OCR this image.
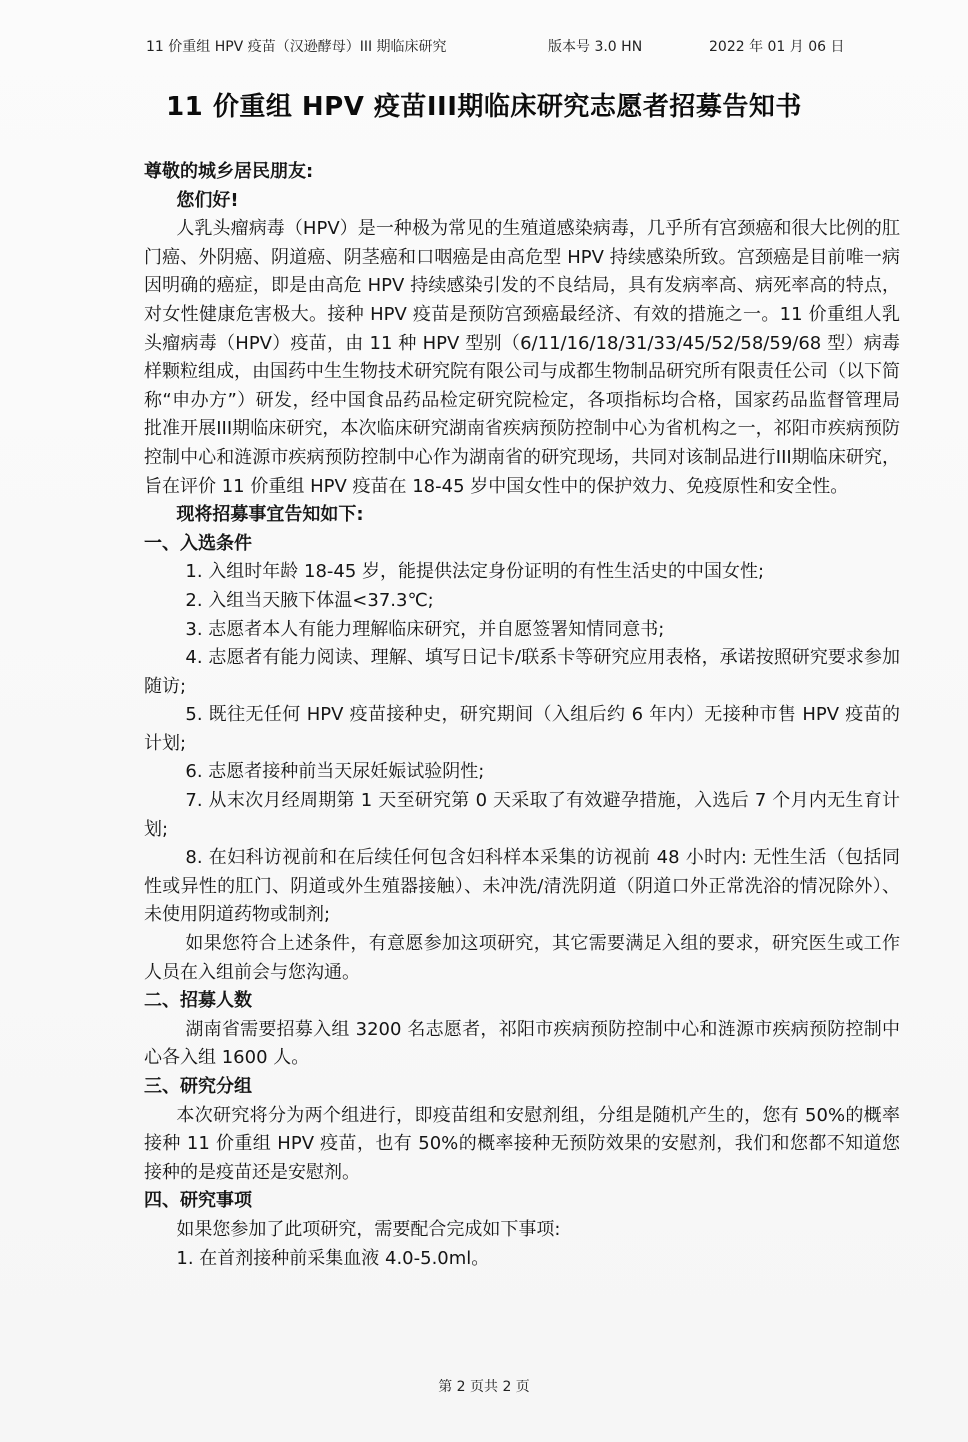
11 价重组 HPV 疫苗（汉逊酵母）III 期临床研究	版本号 3.0 HN	2022 年 01 月 06 日
11 价重组 HPV 疫苗III期临床研究志愿者招募告知书

尊敬的城乡居民朋友:

您们好!

人乳头瘤病毒（HPV）是一种极为常见的生殖道感染病毒，几乎所有宫颈癌和很大比例的肛门癌、外阴癌、阴道癌、阴茎癌和口咽癌是由高危型 HPV 持续感染所致。宫颈癌是目前唯一病因明确的癌症，即是由高危 HPV 持续感染引发的不良结局，具有发病率高、病死率高的特点，对女性健康危害极大。接种 HPV 疫苗是预防宫颈癌最经济、有效的措施之一。11 价重组人乳头瘤病毒（HPV）疫苗，由 11 种 HPV 型别（6/11/16/18/31/33/45/52/58/59/68 型）病毒样颗粒组成，由国药中生生物技术研究院有限公司与成都生物制品研究所有限责任公司（以下简称“申办方”）研发，经中国食品药品检定研究院检定，各项指标均合格，国家药品监督管理局批准开展III期临床研究，本次临床研究湖南省疾病预防控制中心为省机构之一，祁阳市疾病预防控制中心和涟源市疾病预防控制中心作为湖南省的研究现场，共同对该制品进行III期临床研究，旨在评价 11 价重组 HPV 疫苗在 18-45 岁中国女性中的保护效力、免疫原性和安全性。

现将招募事宜告知如下:

一、入选条件

1. 入组时年龄 18-45 岁，能提供法定身份证明的有性生活史的中国女性;

2. 入组当天腋下体温<37.3℃;

3. 志愿者本人有能力理解临床研究，并自愿签署知情同意书;

4. 志愿者有能力阅读、理解、填写日记卡/联系卡等研究应用表格，承诺按照研究要求参加随访;

5. 既往无任何 HPV 疫苗接种史，研究期间（入组后约 6 年内）无接种市售 HPV 疫苗的计划;

6. 志愿者接种前当天尿妊娠试验阴性;

7. 从末次月经周期第 1 天至研究第 0 天采取了有效避孕措施，入选后 7 个月内无生育计划;

8. 在妇科访视前和在后续任何包含妇科样本采集的访视前 48 小时内: 无性生活（包括同性或异性的肛门、阴道或外生殖器接触）、未冲洗/清洗阴道（阴道口外正常洗浴的情况除外）、未使用阴道药物或制剂;

如果您符合上述条件，有意愿参加这项研究，其它需要满足入组的要求，研究医生或工作人员在入组前会与您沟通。

二、招募人数

湖南省需要招募入组 3200 名志愿者，祁阳市疾病预防控制中心和涟源市疾病预防控制中心各入组 1600 人。

三、研究分组

本次研究将分为两个组进行，即疫苗组和安慰剂组，分组是随机产生的，您有 50%的概率接种 11 价重组 HPV 疫苗，也有 50%的概率接种无预防效果的安慰剂，我们和您都不知道您接种的是疫苗还是安慰剂。

四、研究事项

如果您参加了此项研究，需要配合完成如下事项:

1. 在首剂接种前采集血液 4.0-5.0ml。

第 2 页共 2 页
